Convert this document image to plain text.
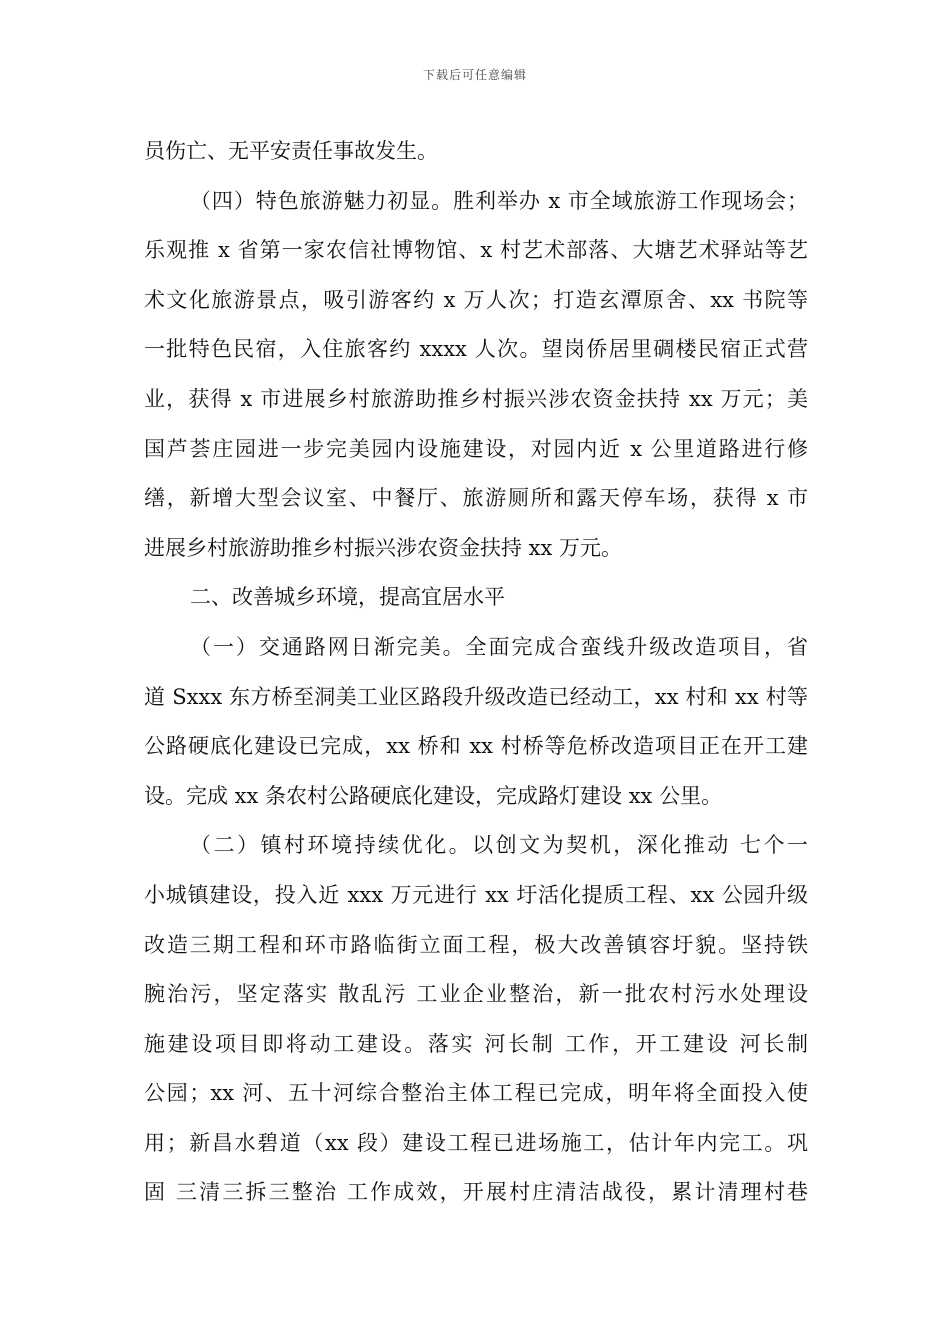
下载后可任意编辑
员伤亡、无平安责任事故发生。
（四）特色旅游魅力初显。胜利举办 x 市全域旅游工作现场会；
乐观推 x 省第一家农信社博物馆、x 村艺术部落、大塘艺术驿站等艺
术文化旅游景点，吸引游客约 x 万人次；打造玄潭原舍、xx 书院等
一批特色民宿，入住旅客约 xxxx 人次。望岗侨居里碉楼民宿正式营
业，获得 x 市进展乡村旅游助推乡村振兴涉农资金扶持 xx 万元；美
国芦荟庄园进一步完美园内设施建设，对园内近 x 公里道路进行修
缮，新增大型会议室、中餐厅、旅游厕所和露天停车场，获得 x 市
进展乡村旅游助推乡村振兴涉农资金扶持 xx 万元。
二、改善城乡环境，提高宜居水平
（一）交通路网日渐完美。全面完成合蛮线升级改造项目，省
道 Sxxx 东方桥至洞美工业区路段升级改造已经动工，xx 村和 xx 村等
公路硬底化建设已完成，xx 桥和 xx 村桥等危桥改造项目正在开工建
设。完成 xx 条农村公路硬底化建设，完成路灯建设 xx 公里。
（二）镇村环境持续优化。以创文为契机，深化推动 七个一
小城镇建设，投入近 xxx 万元进行 xx 圩活化提质工程、xx 公园升级
改造三期工程和环市路临街立面工程，极大改善镇容圩貌。坚持铁
腕治污，坚定落实 散乱污 工业企业整治，新一批农村污水处理设
施建设项目即将动工建设。落实 河长制 工作，开工建设 河长制
公园；xx 河、五十河综合整治主体工程已完成，明年将全面投入使
用；新昌水碧道（xx 段）建设工程已进场施工，估计年内完工。巩
固 三清三拆三整治 工作成效，开展村庄清洁战役，累计清理村巷
